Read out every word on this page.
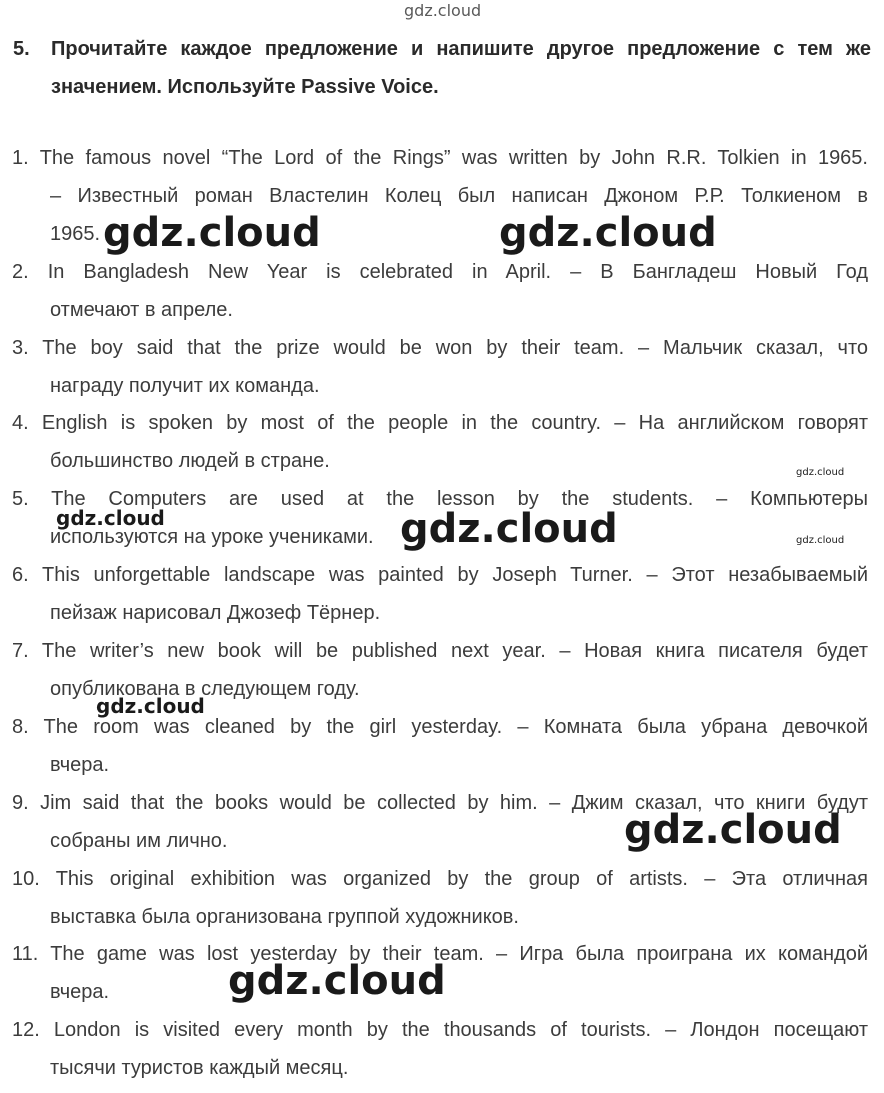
gdz.cloud
5.	Прочитайте каждое предложение и напишите другое предложение с тем же значением. Используйте Passive Voice.
1. The famous novel “The Lord of the Rings” was written by John R.R. Tolkien in 1965.
– Известный роман Властелин Колец был написан Джоном Р.Р. Толкиеном в
1965.
2. In Bangladesh New Year is celebrated in April. – В Бангладеш Новый Год
отмечают в апреле.
3. The boy said that the prize would be won by their team. – Мальчик сказал, что
награду получит их команда.
4. English is spoken by most of the people in the country. – На английском говорят
большинство людей в стране.
5. The Computers are used at the lesson by the students. – Компьютеры
используются на уроке учениками.
6. This unforgettable landscape was painted by Joseph Turner. – Этот незабываемый
пейзаж нарисовал Джозеф Тёрнер.
7. The writer’s new book will be published next year. – Новая книга писателя будет
опубликована в следующем году.
8. The room was cleaned by the girl yesterday. – Комната была убрана девочкой
вчера.
9. Jim said that the books would be collected by him. – Джим сказал, что книги будут
собраны им лично.
10. This original exhibition was organized by the group of artists. – Эта отличная
выставка была организована группой художников.
11. The game was lost yesterday by their team. – Игра была проиграна их командой
вчера.
12. London is visited every month by the thousands of tourists. – Лондон посещают
тысячи туристов каждый месяц.
gdz.cloud	gdz.cloud
gdz.cloud	gdz.cloud
gdz.cloud
gdz.cloud
gdz.cloud
gdz.cloud
gdz.cloud
